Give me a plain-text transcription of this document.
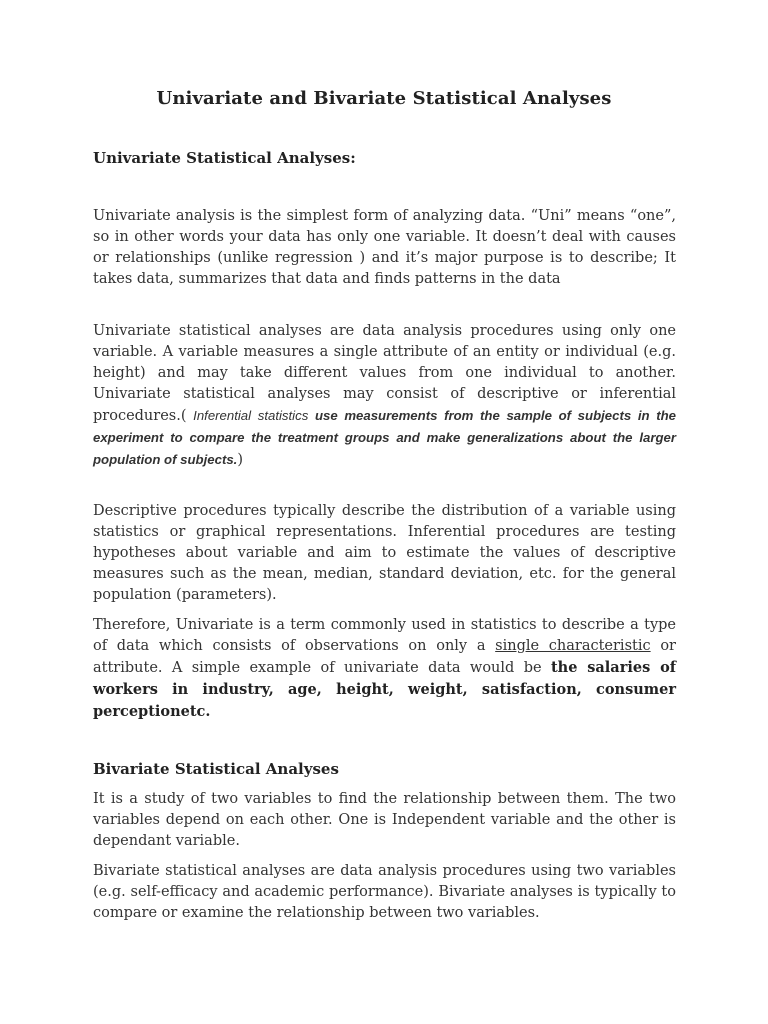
Univariate and Bivariate Statistical Analyses
Univariate Statistical Analyses:

Univariate analysis is the simplest form of analyzing data. “Uni” means “one”, so in other words your data has only one variable. It doesn’t deal with causes or relationships (unlike regression ) and it’s major purpose is to describe; It takes data, summarizes that data and finds patterns in the data

Univariate statistical analyses are data analysis procedures using only one variable. A variable measures a single attribute of an entity or individual (e.g. height) and may take different values from one individual to another. Univariate statistical analyses may consist of descriptive or inferential procedures.( Inferential statistics use measurements from the sample of subjects in the experiment to compare the treatment groups and make generalizations about the larger population of subjects.)

Descriptive procedures typically describe the distribution of a variable using statistics or graphical representations. Inferential procedures are testing hypotheses about variable and aim to estimate the values of descriptive measures such as the mean, median, standard deviation, etc. for the general population (parameters).

Therefore, Univariate is a term commonly used in statistics to describe a type of data which consists of observations on only a single characteristic or attribute. A simple example of univariate data would be the salaries of workers in industry, age, height, weight, satisfaction, consumer perceptionetc.

Bivariate Statistical Analyses

It is a study of two variables to find the relationship between them. The two variables depend on each other. One is Independent variable and the other is dependant variable.

Bivariate statistical analyses are data analysis procedures using two variables (e.g. self-efficacy and academic performance). Bivariate analyses is typically to compare or examine the relationship between two variables.
